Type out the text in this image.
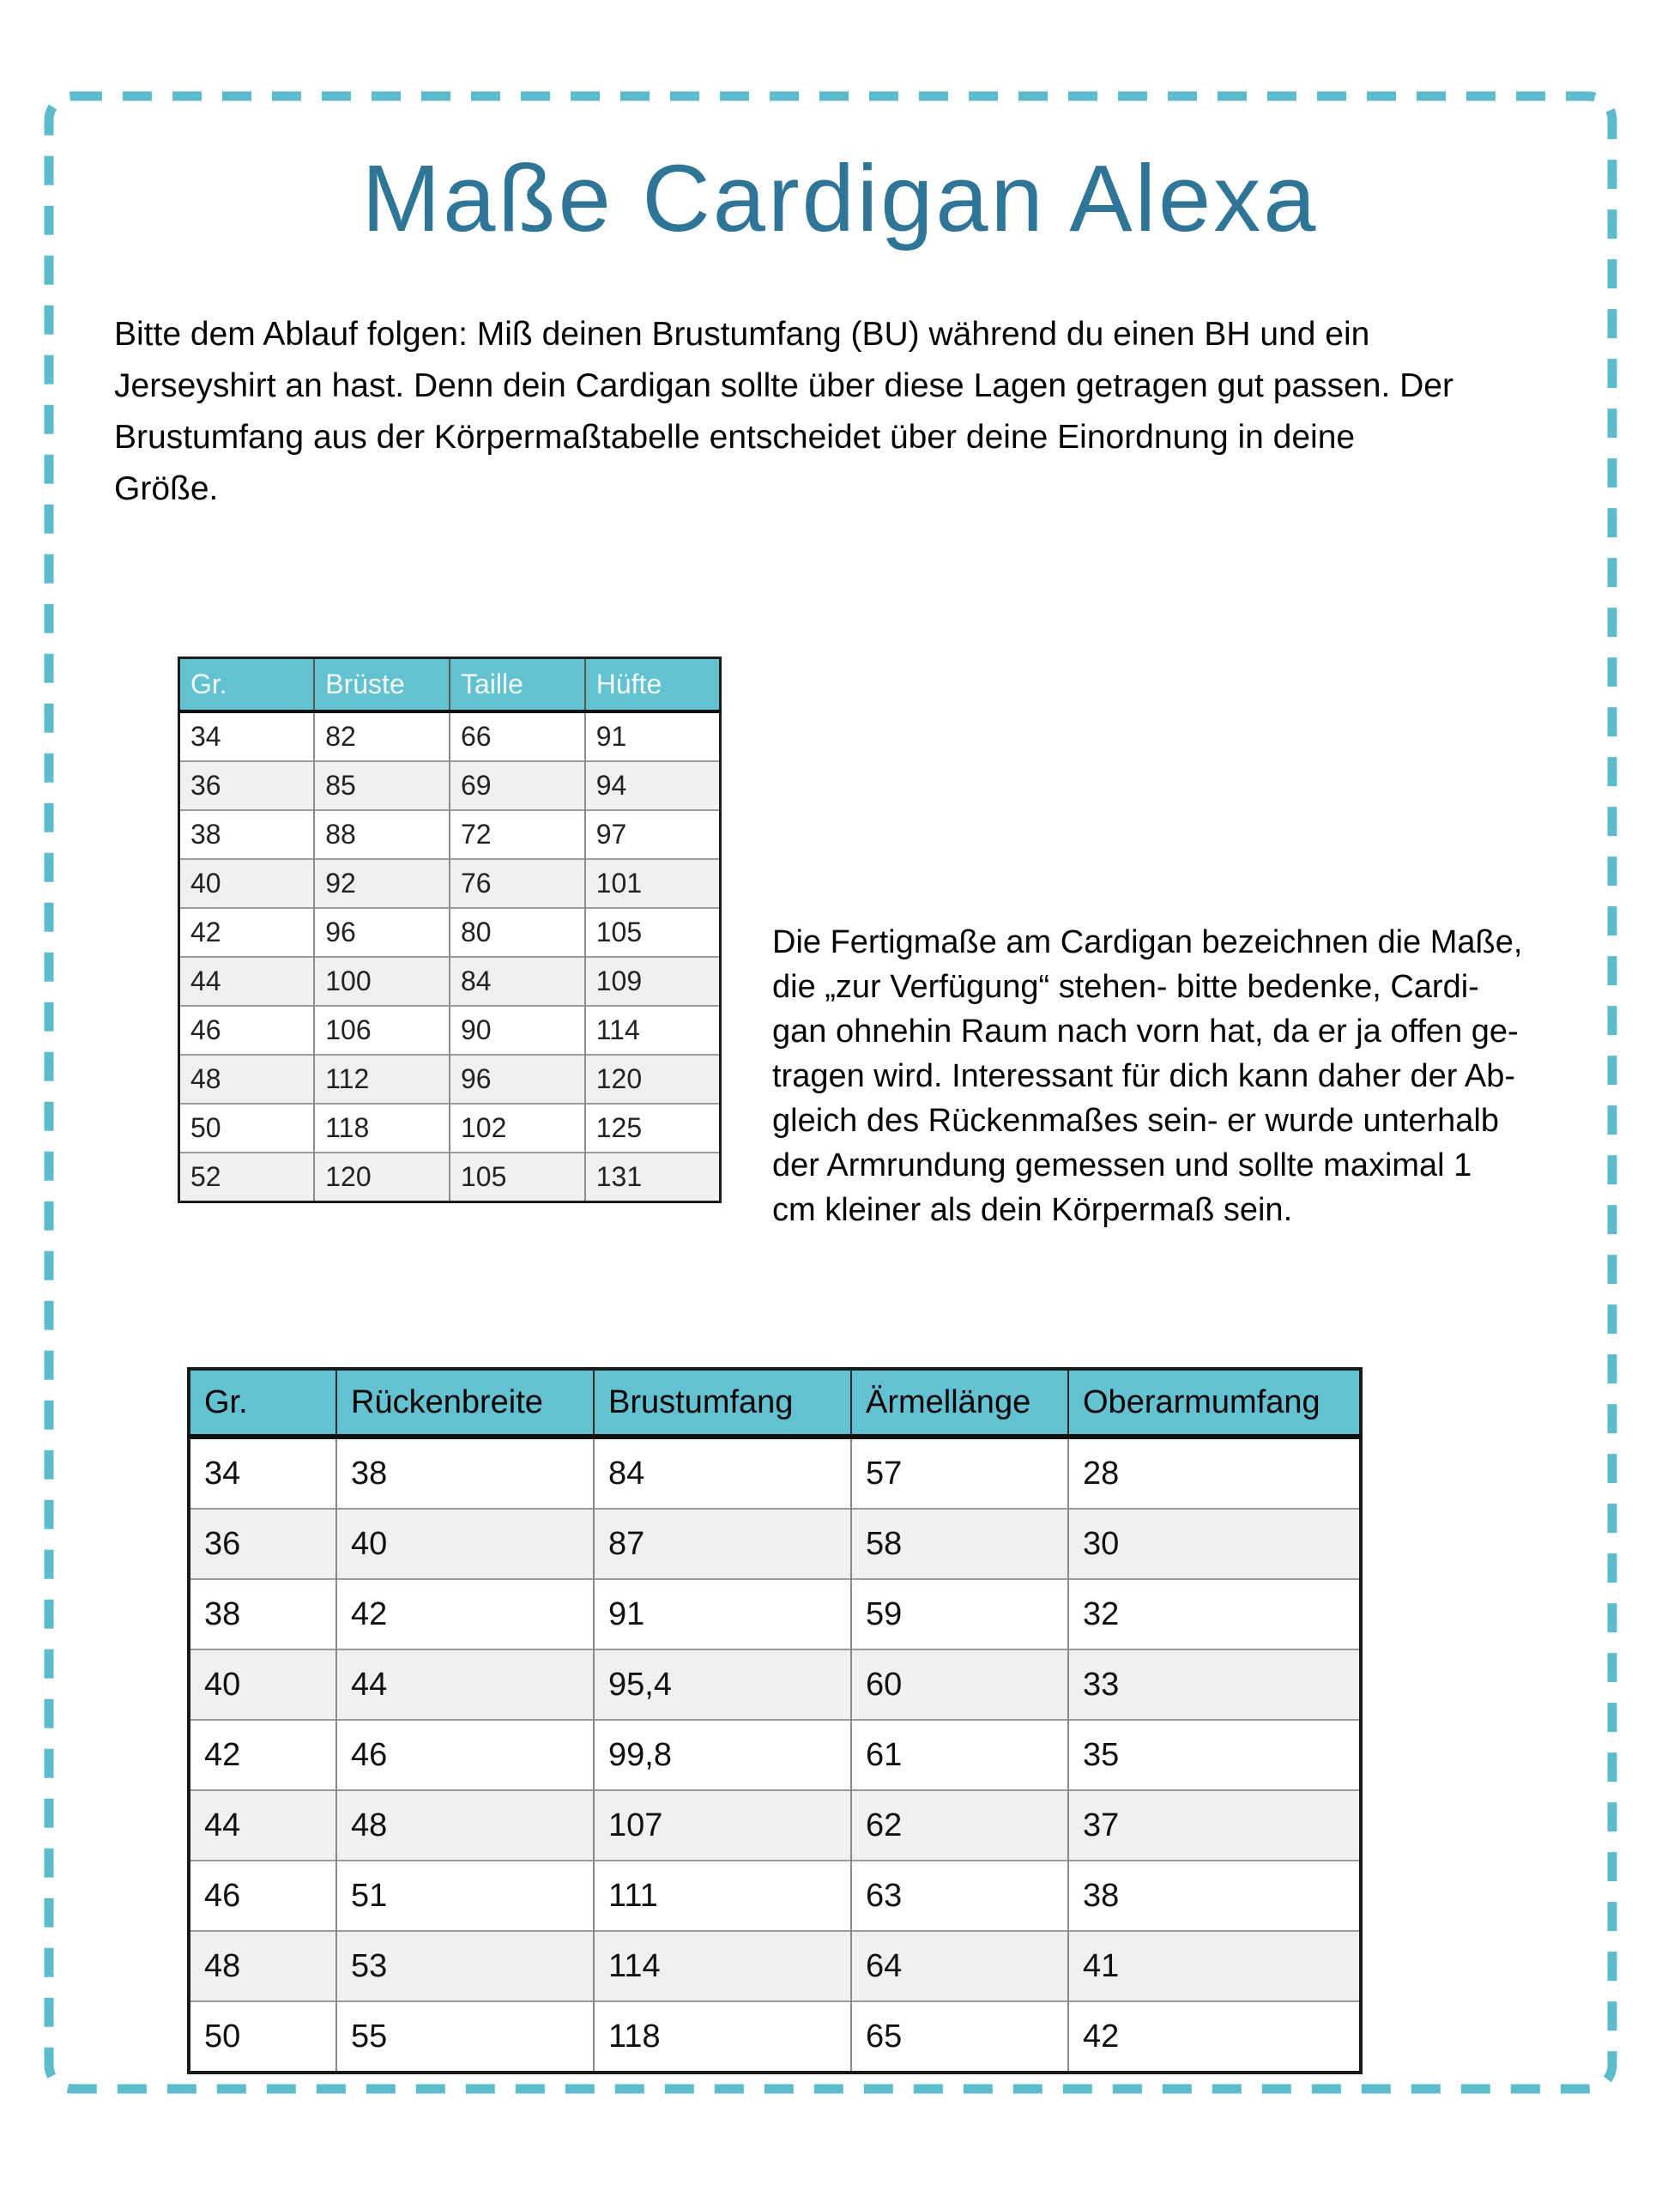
Maße Cardigan Alexa
Bitte dem Ablauf folgen: Miß deinen Brustumfang (BU) während du einen BH und ein
Jerseyshirt an hast. Denn dein Cardigan sollte über diese Lagen getragen gut passen. Der
Brustumfang aus der Körpermaßtabelle entscheidet über deine Einordnung in deine
Größe.
Gr.	Brüste	Taille	Hüfte
34	82	66	91
36	85	69	94
38	88	72	97
40	92	76	101
42	96	80	105
44	100	84	109
46	106	90	114
48	112	96	120
50	118	102	125
52	120	105	131
Die Fertigmaße am Cardigan bezeichnen die Maße,
die „zur Verfügung“ stehen- bitte bedenke, Cardi-
gan ohnehin Raum nach vorn hat, da er ja offen ge-
tragen wird. Interessant für dich kann daher der Ab-
gleich des Rückenmaßes sein- er wurde unterhalb
der Armrundung gemessen und sollte maximal 1
cm kleiner als dein Körpermaß sein.
Gr.	Rückenbreite	Brustumfang	Ärmellänge	Oberarmumfang
34	38	84	57	28
36	40	87	58	30
38	42	91	59	32
40	44	95,4	60	33
42	46	99,8	61	35
44	48	107	62	37
46	51	111	63	38
48	53	114	64	41
50	55	118	65	42
